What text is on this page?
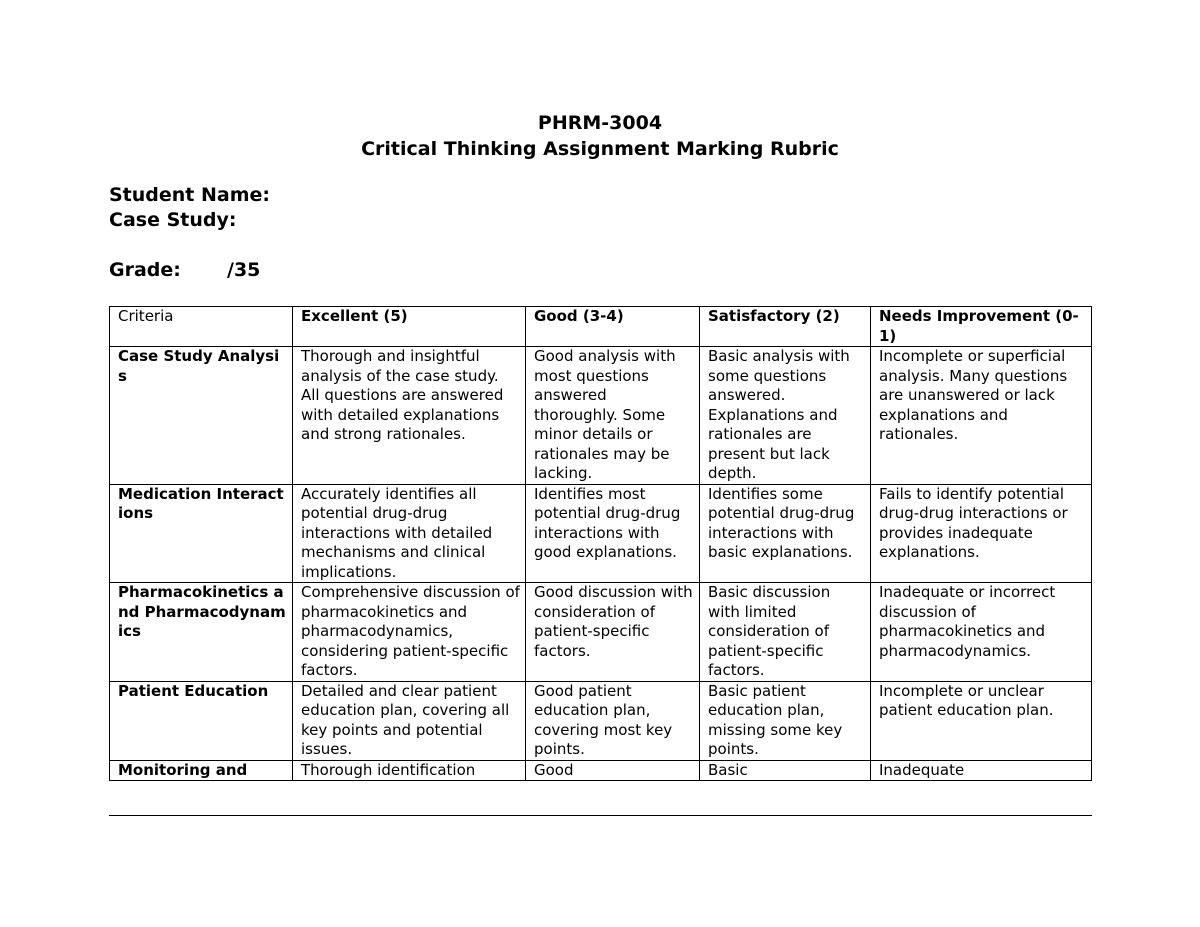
PHRM-3004
Critical Thinking Assignment Marking Rubric
Student Name:
Case Study:
Grade: /35
Criteria	Excellent (5)	Good (3-4)	Satisfactory (2)	Needs Improvement (0-1)
Case Study Analysis	Thorough and insightful analysis of the case study. All questions are answered with detailed explanations and strong rationales.	Good analysis with most questions answered thoroughly. Some minor details or rationales may be lacking.	Basic analysis with some questions answered. Explanations and rationales are present but lack depth.	Incomplete or superficial analysis. Many questions are unanswered or lack explanations and rationales.
Medication Interactions	Accurately identifies all potential drug-drug interactions with detailed mechanisms and clinical implications.	Identifies most potential drug-drug interactions with good explanations.	Identifies some potential drug-drug interactions with basic explanations.	Fails to identify potential drug-drug interactions or provides inadequate explanations.
Pharmacokinetics and Pharmacodynamics	Comprehensive discussion of pharmacokinetics and pharmacodynamics, considering patient-specific factors.	Good discussion with consideration of patient-specific factors.	Basic discussion with limited consideration of patient-specific factors.	Inadequate or incorrect discussion of pharmacokinetics and pharmacodynamics.
Patient Education	Detailed and clear patient education plan, covering all key points and potential issues.	Good patient education plan, covering most key points.	Basic patient education plan, missing some key points.	Incomplete or unclear patient education plan.
Monitoring and	Thorough identification	Good	Basic	Inadequate
